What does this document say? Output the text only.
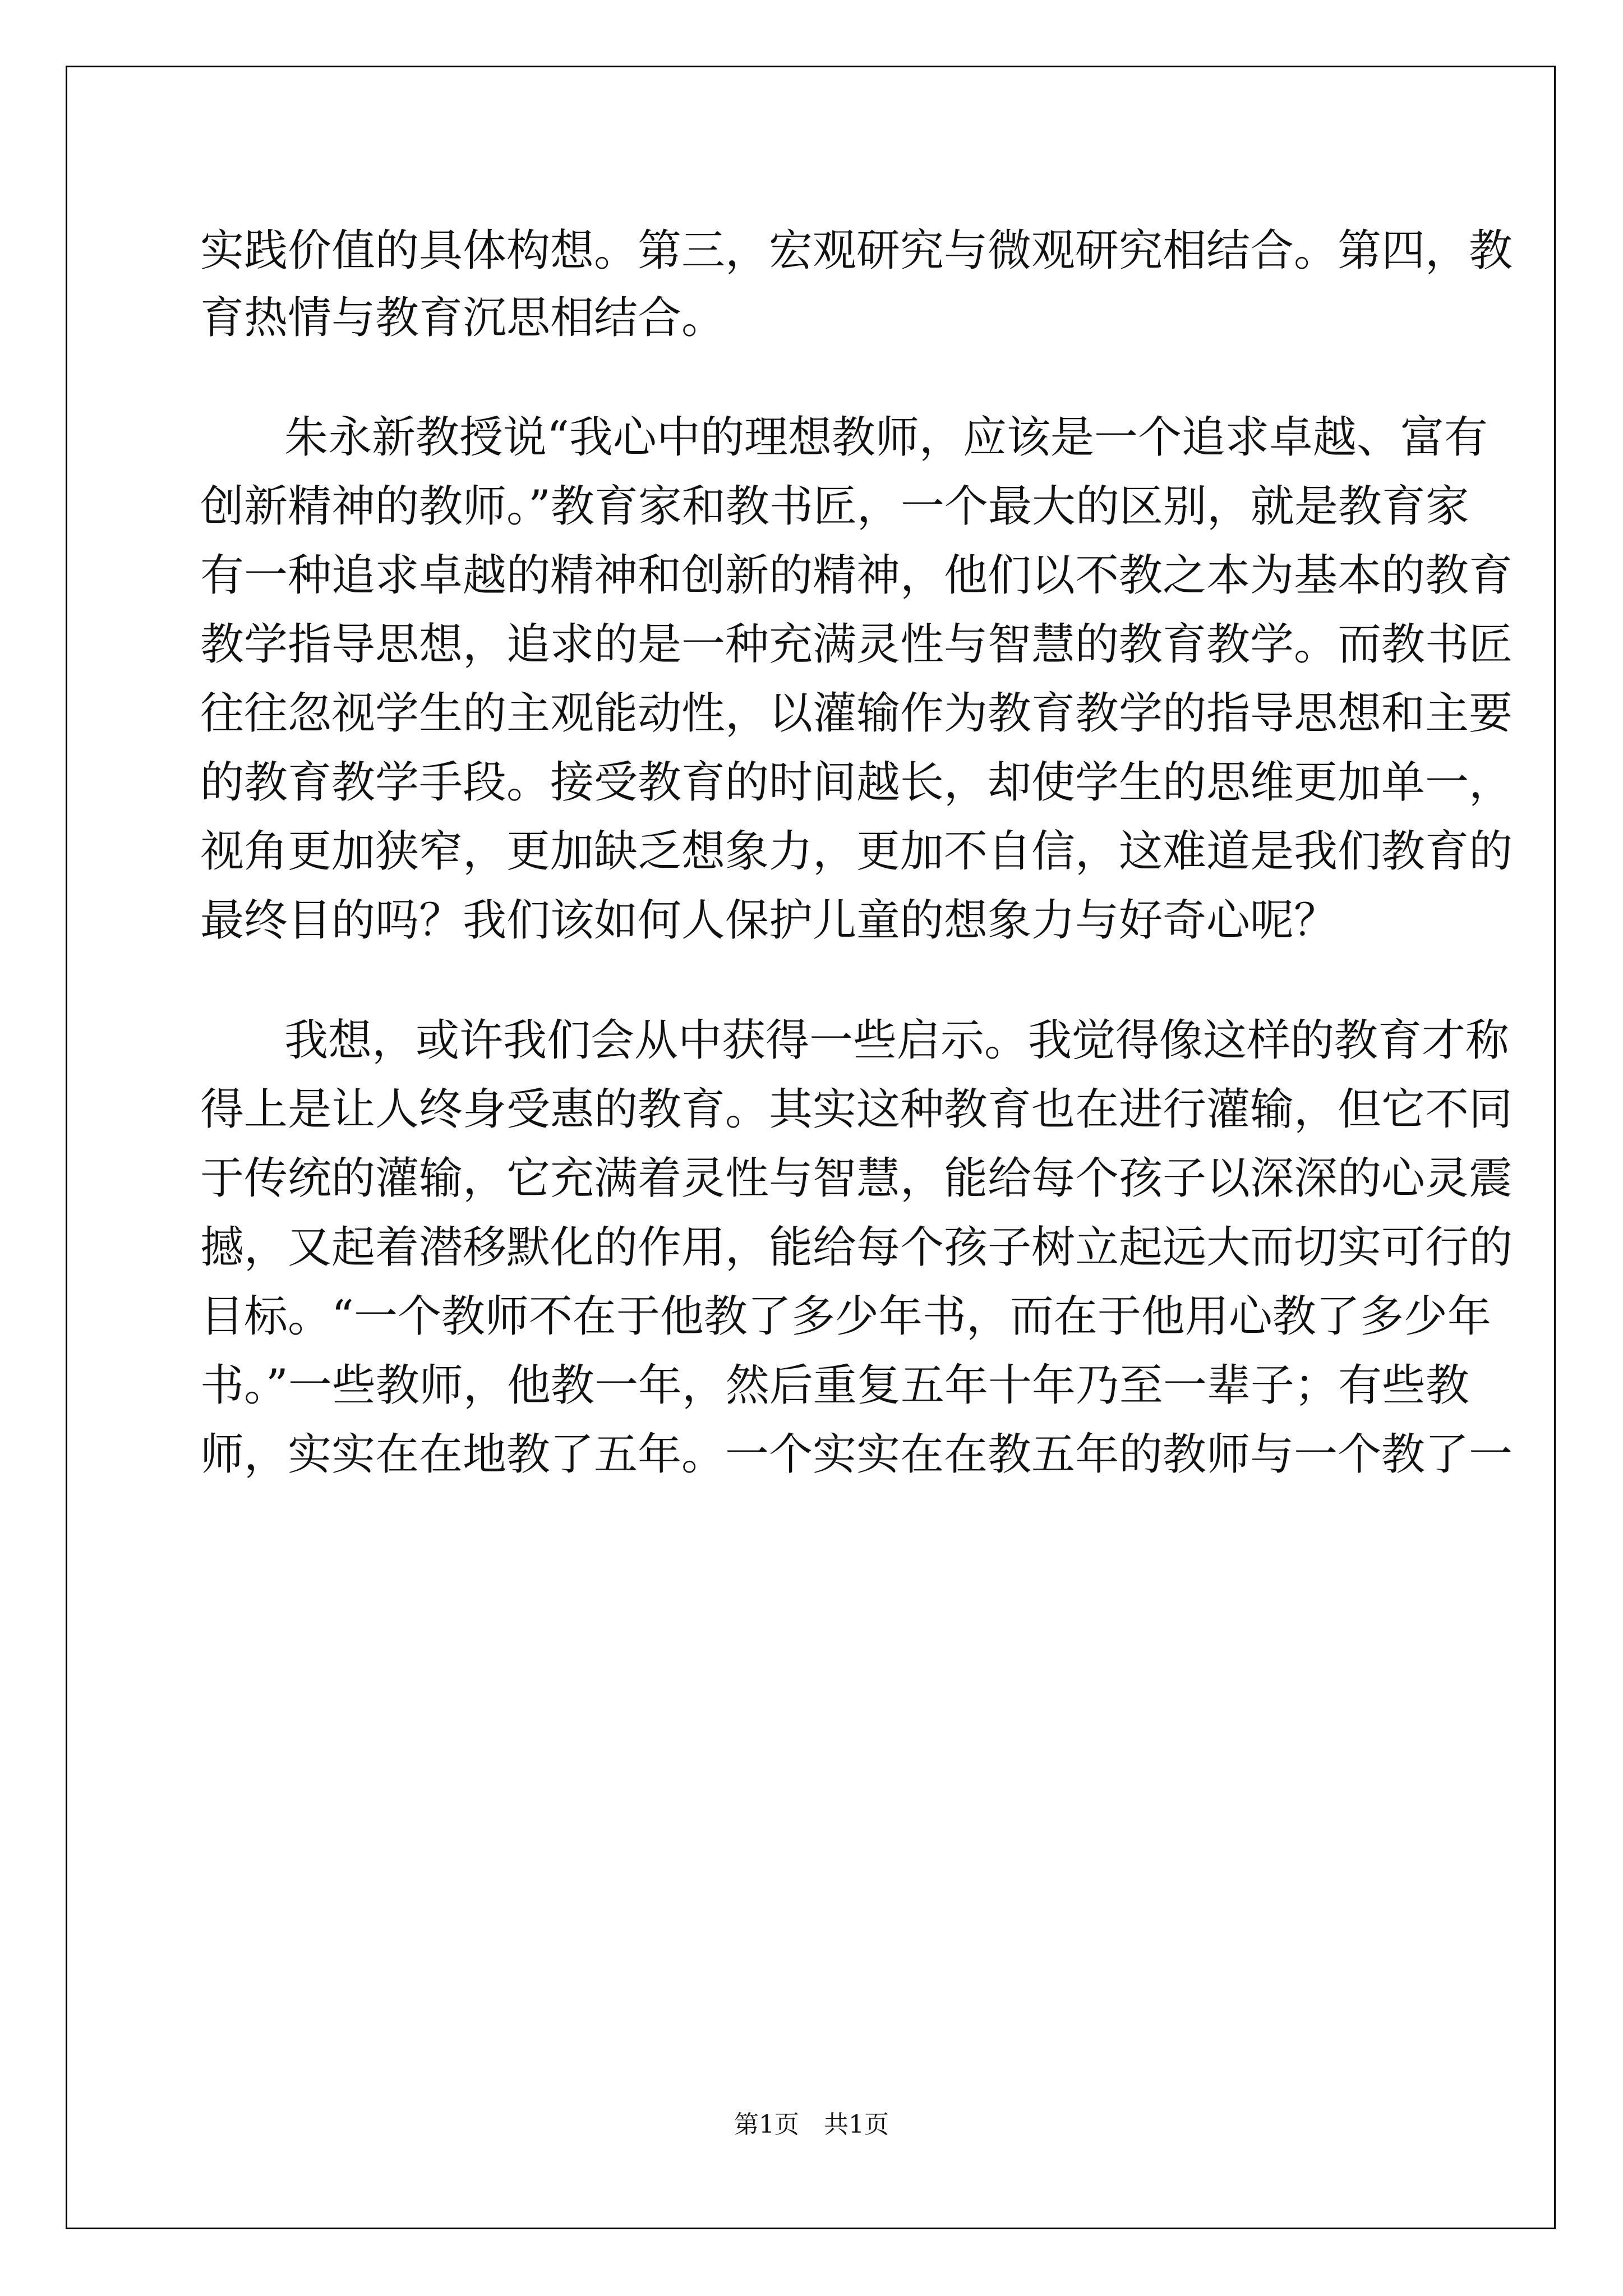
实践价值的具体构想。第三，宏观研究与微观研究相结合。第四，教
育热情与教育沉思相结合。
朱永新教授说“我心中的理想教师，应该是一个追求卓越、富有
创新精神的教师。”教育家和教书匠，一个最大的区别，就是教育家
有一种追求卓越的精神和创新的精神，他们以不教之本为基本的教育
教学指导思想，追求的是一种充满灵性与智慧的教育教学。而教书匠
往往忽视学生的主观能动性，以灌输作为教育教学的指导思想和主要
的教育教学手段。接受教育的时间越长，却使学生的思维更加单一，
视角更加狭窄，更加缺乏想象力，更加不自信，这难道是我们教育的
最终目的吗？我们该如何人保护儿童的想象力与好奇心呢？
我想，或许我们会从中获得一些启示。我觉得像这样的教育才称
得上是让人终身受惠的教育。其实这种教育也在进行灌输，但它不同
于传统的灌输，它充满着灵性与智慧，能给每个孩子以深深的心灵震
撼，又起着潜移默化的作用，能给每个孩子树立起远大而切实可行的
目标。“一个教师不在于他教了多少年书，而在于他用心教了多少年
书。”一些教师，他教一年，然后重复五年十年乃至一辈子；有些教
师，实实在在地教了五年。一个实实在在教五年的教师与一个教了一
第1页 共1页
